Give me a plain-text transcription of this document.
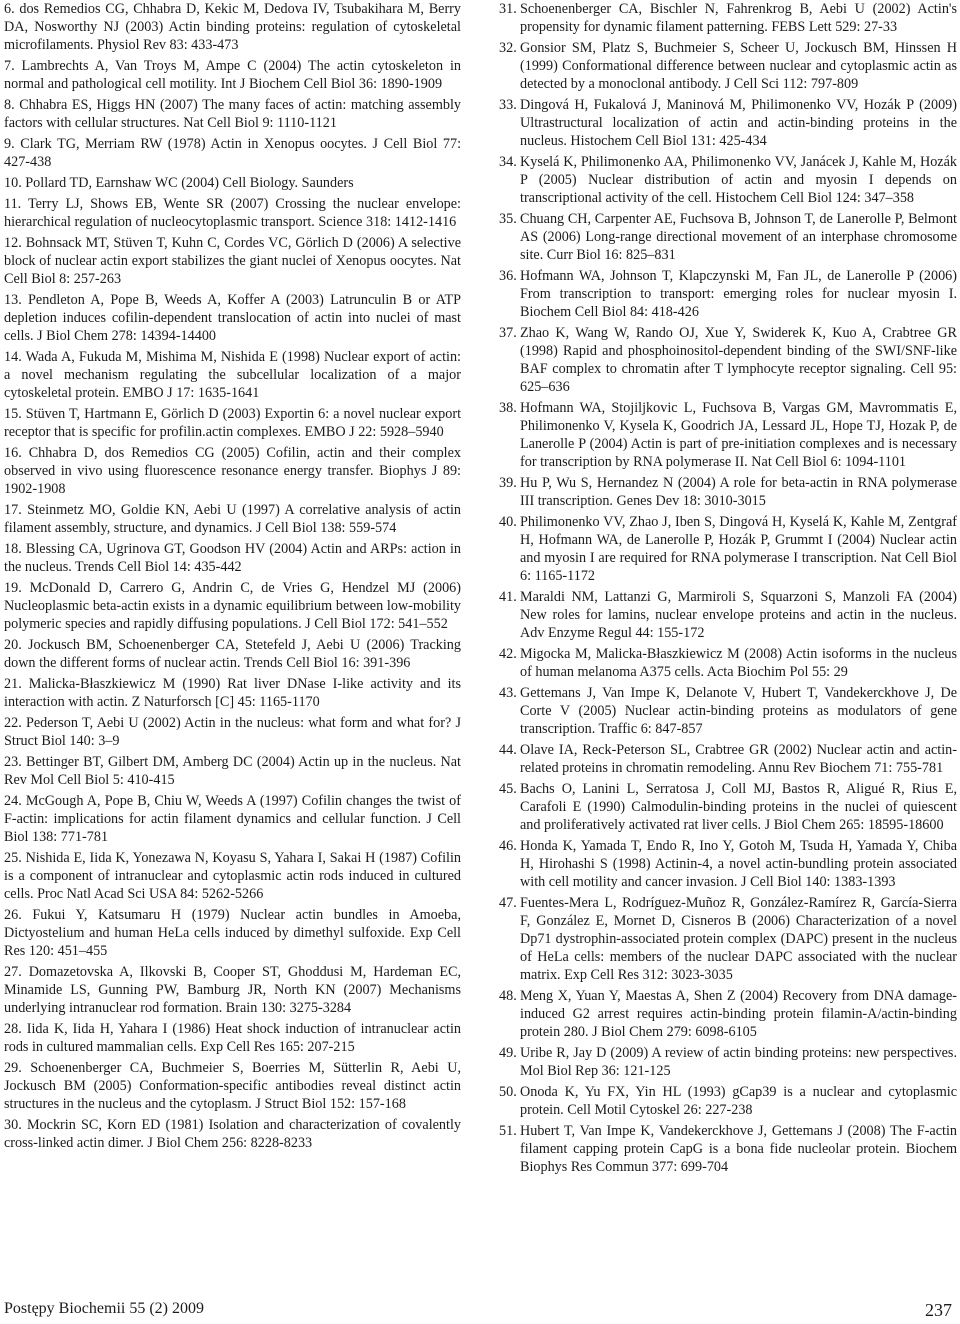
6. dos Remedios CG, Chhabra D, Kekic M, Dedova IV, Tsubakihara M, Berry DA, Nosworthy NJ (2003) Actin binding proteins: regulation of cytoskeletal microfilaments. Physiol Rev 83: 433-473

7. Lambrechts A, Van Troys M, Ampe C (2004) The actin cytoskeleton in normal and pathological cell motility. Int J Biochem Cell Biol 36: 1890-1909
8. Chhabra ES, Higgs HN (2007) The many faces of actin: matching assembly factors with cellular structures. Nat Cell Biol 9: 1110-1121
9. Clark TG, Merriam RW (1978) Actin in Xenopus oocytes. J Cell Biol 77: 427-438
10. Pollard TD, Earnshaw WC (2004) Cell Biology. Saunders
11. Terry LJ, Shows EB, Wente SR (2007) Crossing the nuclear envelope: hierarchical regulation of nucleocytoplasmic transport. Science 318: 1412-1416
12. Bohnsack MT, Stüven T, Kuhn C, Cordes VC, Görlich D (2006) A selective block of nuclear actin export stabilizes the giant nuclei of Xenopus oocytes. Nat Cell Biol 8: 257-263
13. Pendleton A, Pope B, Weeds A, Koffer A (2003) Latrunculin B or ATP depletion induces cofilin-dependent translocation of actin into nuclei of mast cells. J Biol Chem 278: 14394-14400
14. Wada A, Fukuda M, Mishima M, Nishida E (1998) Nuclear export of actin: a novel mechanism regulating the subcellular localization of a major cytoskeletal protein. EMBO J 17: 1635-1641
15. Stüven T, Hartmann E, Görlich D (2003) Exportin 6: a novel nuclear export receptor that is specific for profilin.actin complexes. EMBO J 22: 5928–5940
16. Chhabra D, dos Remedios CG (2005) Cofilin, actin and their complex observed in vivo using fluorescence resonance energy transfer. Biophys J 89: 1902-1908
17. Steinmetz MO, Goldie KN, Aebi U (1997) A correlative analysis of actin filament assembly, structure, and dynamics. J Cell Biol 138: 559-574
18. Blessing CA, Ugrinova GT, Goodson HV (2004) Actin and ARPs: action in the nucleus. Trends Cell Biol 14: 435-442
19. McDonald D, Carrero G, Andrin C, de Vries G, Hendzel MJ (2006) Nucleoplasmic beta-actin exists in a dynamic equilibrium between low-mobility polymeric species and rapidly diffusing populations. J Cell Biol 172: 541–552
20. Jockusch BM, Schoenenberger CA, Stetefeld J, Aebi U (2006) Tracking down the different forms of nuclear actin. Trends Cell Biol 16: 391-396
21. Malicka-Błaszkiewicz M (1990) Rat liver DNase I-like activity and its interaction with actin. Z Naturforsch [C] 45: 1165-1170
22. Pederson T, Aebi U (2002) Actin in the nucleus: what form and what for? J Struct Biol 140: 3–9
23. Bettinger BT, Gilbert DM, Amberg DC (2004) Actin up in the nucleus. Nat Rev Mol Cell Biol 5: 410-415
24. McGough A, Pope B, Chiu W, Weeds A (1997) Cofilin changes the twist of F-actin: implications for actin filament dynamics and cellular function. J Cell Biol 138: 771-781
25. Nishida E, Iida K, Yonezawa N, Koyasu S, Yahara I, Sakai H (1987) Cofilin is a component of intranuclear and cytoplasmic actin rods induced in cultured cells. Proc Natl Acad Sci USA 84: 5262-5266
26. Fukui Y, Katsumaru H (1979) Nuclear actin bundles in Amoeba, Dictyostelium and human HeLa cells induced by dimethyl sulfoxide. Exp Cell Res 120: 451–455
27. Domazetovska A, Ilkovski B, Cooper ST, Ghoddusi M, Hardeman EC, Minamide LS, Gunning PW, Bamburg JR, North KN (2007) Mechanisms underlying intranuclear rod formation. Brain 130: 3275-3284
28. Iida K, Iida H, Yahara I (1986) Heat shock induction of intranuclear actin rods in cultured mammalian cells. Exp Cell Res 165: 207-215
29. Schoenenberger CA, Buchmeier S, Boerries M, Sütterlin R, Aebi U, Jockusch BM (2005) Conformation-specific antibodies reveal distinct actin structures in the nucleus and the cytoplasm. J Struct Biol 152: 157-168
30. Mockrin SC, Korn ED (1981) Isolation and characterization of covalently cross-linked actin dimer. J Biol Chem 256: 8228-8233
31. Schoenenberger CA, Bischler N, Fahrenkrog B, Aebi U (2002) Actin's propensity for dynamic filament patterning. FEBS Lett 529: 27-33
32. Gonsior SM, Platz S, Buchmeier S, Scheer U, Jockusch BM, Hinssen H (1999) Conformational difference between nuclear and cytoplasmic actin as detected by a monoclonal antibody. J Cell Sci 112: 797-809
33. Dingová H, Fukalová J, Maninová M, Philimonenko VV, Hozák P (2009) Ultrastructural localization of actin and actin-binding proteins in the nucleus. Histochem Cell Biol 131: 425-434
34. Kyselá K, Philimonenko AA, Philimonenko VV, Janácek J, Kahle M, Hozák P (2005) Nuclear distribution of actin and myosin I depends on transcriptional activity of the cell. Histochem Cell Biol 124: 347–358
35. Chuang CH, Carpenter AE, Fuchsova B, Johnson T, de Lanerolle P, Belmont AS (2006) Long-range directional movement of an interphase chromosome site. Curr Biol 16: 825–831
36. Hofmann WA, Johnson T, Klapczynski M, Fan JL, de Lanerolle P (2006) From transcription to transport: emerging roles for nuclear myosin I. Biochem Cell Biol 84: 418-426
37. Zhao K, Wang W, Rando OJ, Xue Y, Swiderek K, Kuo A, Crabtree GR (1998) Rapid and phosphoinositol-dependent binding of the SWI/SNF-like BAF complex to chromatin after T lymphocyte receptor signaling. Cell 95: 625–636
38. Hofmann WA, Stojiljkovic L, Fuchsova B, Vargas GM, Mavrommatis E, Philimonenko V, Kysela K, Goodrich JA, Lessard JL, Hope TJ, Hozak P, de Lanerolle P (2004) Actin is part of pre-initiation complexes and is necessary for transcription by RNA polymerase II. Nat Cell Biol 6: 1094-1101
39. Hu P, Wu S, Hernandez N (2004) A role for beta-actin in RNA polymerase III transcription. Genes Dev 18: 3010-3015
40. Philimonenko VV, Zhao J, Iben S, Dingová H, Kyselá K, Kahle M, Zentgraf H, Hofmann WA, de Lanerolle P, Hozák P, Grummt I (2004) Nuclear actin and myosin I are required for RNA polymerase I transcription. Nat Cell Biol 6: 1165-1172
41. Maraldi NM, Lattanzi G, Marmiroli S, Squarzoni S, Manzoli FA (2004) New roles for lamins, nuclear envelope proteins and actin in the nucleus. Adv Enzyme Regul 44: 155-172
42. Migocka M, Malicka-Błaszkiewicz M (2008) Actin isoforms in the nucleus of human melanoma A375 cells. Acta Biochim Pol 55: 29
43. Gettemans J, Van Impe K, Delanote V, Hubert T, Vandekerckhove J, De Corte V (2005) Nuclear actin-binding proteins as modulators of gene transcription. Traffic 6: 847-857
44. Olave IA, Reck-Peterson SL, Crabtree GR (2002) Nuclear actin and actin-related proteins in chromatin remodeling. Annu Rev Biochem 71: 755-781
45. Bachs O, Lanini L, Serratosa J, Coll MJ, Bastos R, Aligué R, Rius E, Carafoli E (1990) Calmodulin-binding proteins in the nuclei of quiescent and proliferatively activated rat liver cells. J Biol Chem 265: 18595-18600
46. Honda K, Yamada T, Endo R, Ino Y, Gotoh M, Tsuda H, Yamada Y, Chiba H, Hirohashi S (1998) Actinin-4, a novel actin-bundling protein associated with cell motility and cancer invasion. J Cell Biol 140: 1383-1393
47. Fuentes-Mera L, Rodríguez-Muñoz R, González-Ramírez R, García-Sierra F, González E, Mornet D, Cisneros B (2006) Characterization of a novel Dp71 dystrophin-associated protein complex (DAPC) present in the nucleus of HeLa cells: members of the nuclear DAPC associated with the nuclear matrix. Exp Cell Res 312: 3023-3035
48. Meng X, Yuan Y, Maestas A, Shen Z (2004) Recovery from DNA damage-induced G2 arrest requires actin-binding protein filamin-A/actin-binding protein 280. J Biol Chem 279: 6098-6105
49. Uribe R, Jay D (2009) A review of actin binding proteins: new perspectives. Mol Biol Rep 36: 121-125
50. Onoda K, Yu FX, Yin HL (1993) gCap39 is a nuclear and cytoplasmic protein. Cell Motil Cytoskel 26: 227-238
51. Hubert T, Van Impe K, Vandekerckhove J, Gettemans J (2008) The F-actin filament capping protein CapG is a bona fide nucleolar protein. Biochem Biophys Res Commun 377: 699-704
Postępy Biochemii 55 (2) 2009	237
